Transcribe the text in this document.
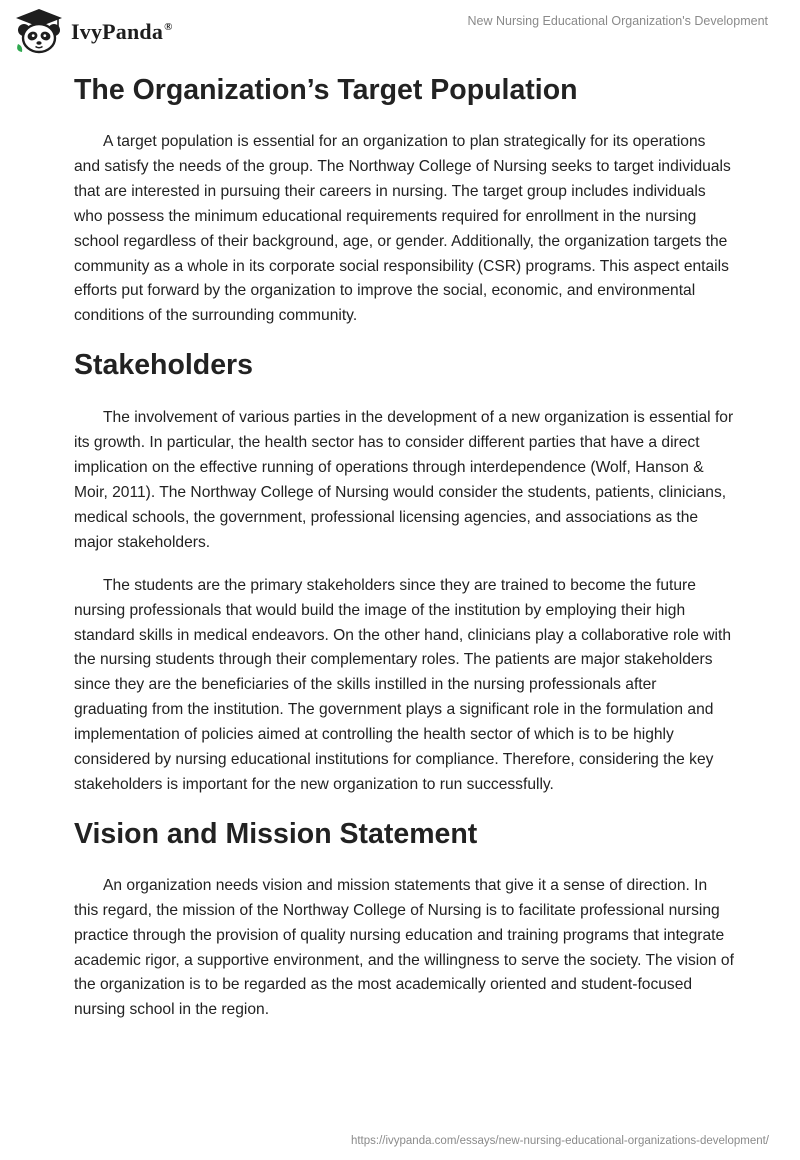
IvyPanda®	New Nursing Educational Organization's Development
The Organization’s Target Population

A target population is essential for an organization to plan strategically for its operations and satisfy the needs of the group. The Northway College of Nursing seeks to target individuals that are interested in pursuing their careers in nursing. The target group includes individuals who possess the minimum educational requirements required for enrollment in the nursing school regardless of their background, age, or gender. Additionally, the organization targets the community as a whole in its corporate social responsibility (CSR) programs. This aspect entails efforts put forward by the organization to improve the social, economic, and environmental conditions of the surrounding community.

Stakeholders

The involvement of various parties in the development of a new organization is essential for its growth. In particular, the health sector has to consider different parties that have a direct implication on the effective running of operations through interdependence (Wolf, Hanson & Moir, 2011). The Northway College of Nursing would consider the students, patients, clinicians, medical schools, the government, professional licensing agencies, and associations as the major stakeholders.

The students are the primary stakeholders since they are trained to become the future nursing professionals that would build the image of the institution by employing their high standard skills in medical endeavors. On the other hand, clinicians play a collaborative role with the nursing students through their complementary roles. The patients are major stakeholders since they are the beneficiaries of the skills instilled in the nursing professionals after graduating from the institution. The government plays a significant role in the formulation and implementation of policies aimed at controlling the health sector of which is to be highly considered by nursing educational institutions for compliance. Therefore, considering the key stakeholders is important for the new organization to run successfully.

Vision and Mission Statement

An organization needs vision and mission statements that give it a sense of direction. In this regard, the mission of the Northway College of Nursing is to facilitate professional nursing practice through the provision of quality nursing education and training programs that integrate academic rigor, a supportive environment, and the willingness to serve the society. The vision of the organization is to be regarded as the most academically oriented and student-focused nursing school in the region.

https://ivypanda.com/essays/new-nursing-educational-organizations-development/
